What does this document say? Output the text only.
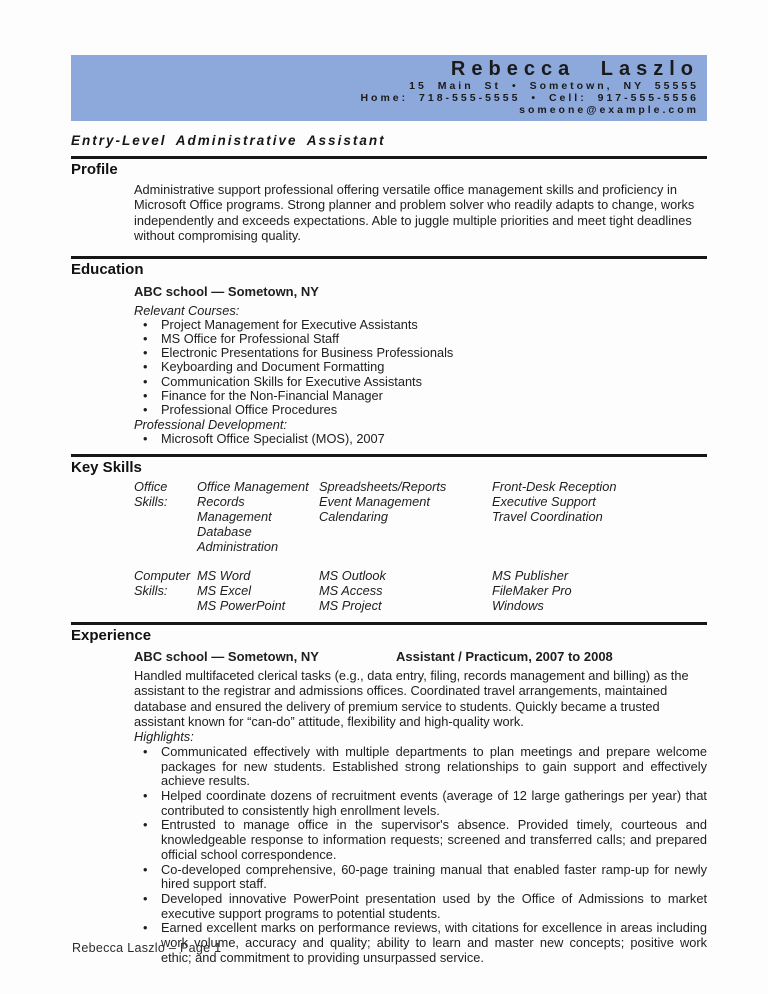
Rebecca Laszlo
15 Main St • Sometown, NY 55555
Home: 718-555-5555 • Cell: 917-555-5556
someone@example.com
Entry-Level Administrative Assistant
Profile

Administrative support professional offering versatile office management skills and proficiency in Microsoft Office programs. Strong planner and problem solver who readily adapts to change, works independently and exceeds expectations. Able to juggle multiple priorities and meet tight deadlines without compromising quality.

Education
ABC school — Sometown, NY
Relevant Courses:
• Project Management for Executive Assistants
• MS Office for Professional Staff
• Electronic Presentations for Business Professionals
• Keyboarding and Document Formatting
• Communication Skills for Executive Assistants
• Finance for the Non-Financial Manager
• Professional Office Procedures
Professional Development:
• Microsoft Office Specialist (MOS), 2007
Key Skills
Office Skills:
Office Management
Records Management
Database Administration
Spreadsheets/Reports
Event Management
Calendaring
Front-Desk Reception
Executive Support
Travel Coordination
Computer Skills:
MS Word
MS Excel
MS PowerPoint
MS Outlook
MS Access
MS Project
MS Publisher
FileMaker Pro
Windows
Experience
ABC school — Sometown, NY	Assistant / Practicum, 2007 to 2008

Handled multifaceted clerical tasks (e.g., data entry, filing, records management and billing) as the assistant to the registrar and admissions offices. Coordinated travel arrangements, maintained database and ensured the delivery of premium service to students. Quickly became a trusted assistant known for “can-do” attitude, flexibility and high-quality work.

Highlights:
• Communicated effectively with multiple departments to plan meetings and prepare welcome packages for new students. Established strong relationships to gain support and effectively achieve results.
• Helped coordinate dozens of recruitment events (average of 12 large gatherings per year) that contributed to consistently high enrollment levels.
• Entrusted to manage office in the supervisor's absence. Provided timely, courteous and knowledgeable response to information requests; screened and transferred calls; and prepared official school correspondence.
• Co-developed comprehensive, 60-page training manual that enabled faster ramp-up for newly hired support staff.
• Developed innovative PowerPoint presentation used by the Office of Admissions to market executive support programs to potential students.
• Earned excellent marks on performance reviews, with citations for excellence in areas including work volume, accuracy and quality; ability to learn and master new concepts; positive work ethic; and commitment to providing unsurpassed service.
Rebecca Laszlo – Page 1
